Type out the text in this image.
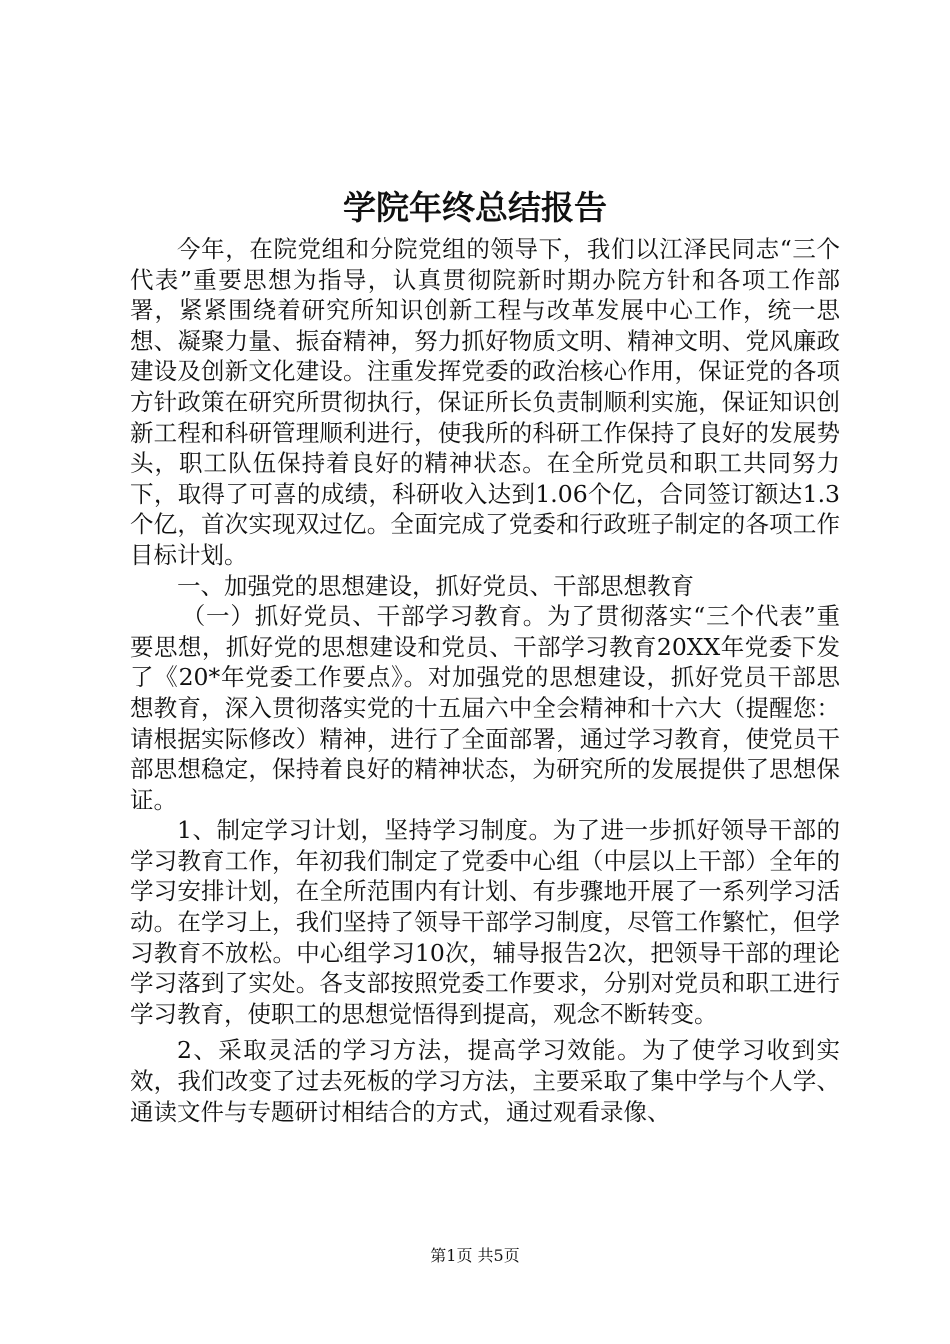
学院年终总结报告

今年，在院党组和分院党组的领导下，我们以江泽民同志“三个代表”重要思想为指导，认真贯彻院新时期办院方针和各项工作部署，紧紧围绕着研究所知识创新工程与改革发展中心工作，统一思想、凝聚力量、振奋精神，努力抓好物质文明、精神文明、党风廉政建设及创新文化建设。注重发挥党委的政治核心作用，保证党的各项方针政策在研究所贯彻执行，保证所长负责制顺利实施，保证知识创新工程和科研管理顺利进行，使我所的科研工作保持了良好的发展势头，职工队伍保持着良好的精神状态。在全所党员和职工共同努力下，取得了可喜的成绩，科研收入达到1.06个亿，合同签订额达1.3个亿，首次实现双过亿。全面完成了党委和行政班子制定的各项工作目标计划。

一、加强党的思想建设，抓好党员、干部思想教育

（一）抓好党员、干部学习教育。为了贯彻落实“三个代表”重要思想，抓好党的思想建设和党员、干部学习教育20XX年党委下发了《20*年党委工作要点》。对加强党的思想建设，抓好党员干部思想教育，深入贯彻落实党的十五届六中全会精神和十六大（提醒您：请根据实际修改）精神，进行了全面部署，通过学习教育，使党员干部思想稳定，保持着良好的精神状态，为研究所的发展提供了思想保证。

1、制定学习计划，坚持学习制度。为了进一步抓好领导干部的学习教育工作，年初我们制定了党委中心组（中层以上干部）全年的学习安排计划，在全所范围内有计划、有步骤地开展了一系列学习活动。在学习上，我们坚持了领导干部学习制度，尽管工作繁忙，但学习教育不放松。中心组学习10次，辅导报告2次，把领导干部的理论学习落到了实处。各支部按照党委工作要求，分别对党员和职工进行学习教育，使职工的思想觉悟得到提高，观念不断转变。

2、采取灵活的学习方法，提高学习效能。为了使学习收到实效，我们改变了过去死板的学习方法，主要采取了集中学与个人学、通读文件与专题研讨相结合的方式，通过观看录像、

第1页 共5页
